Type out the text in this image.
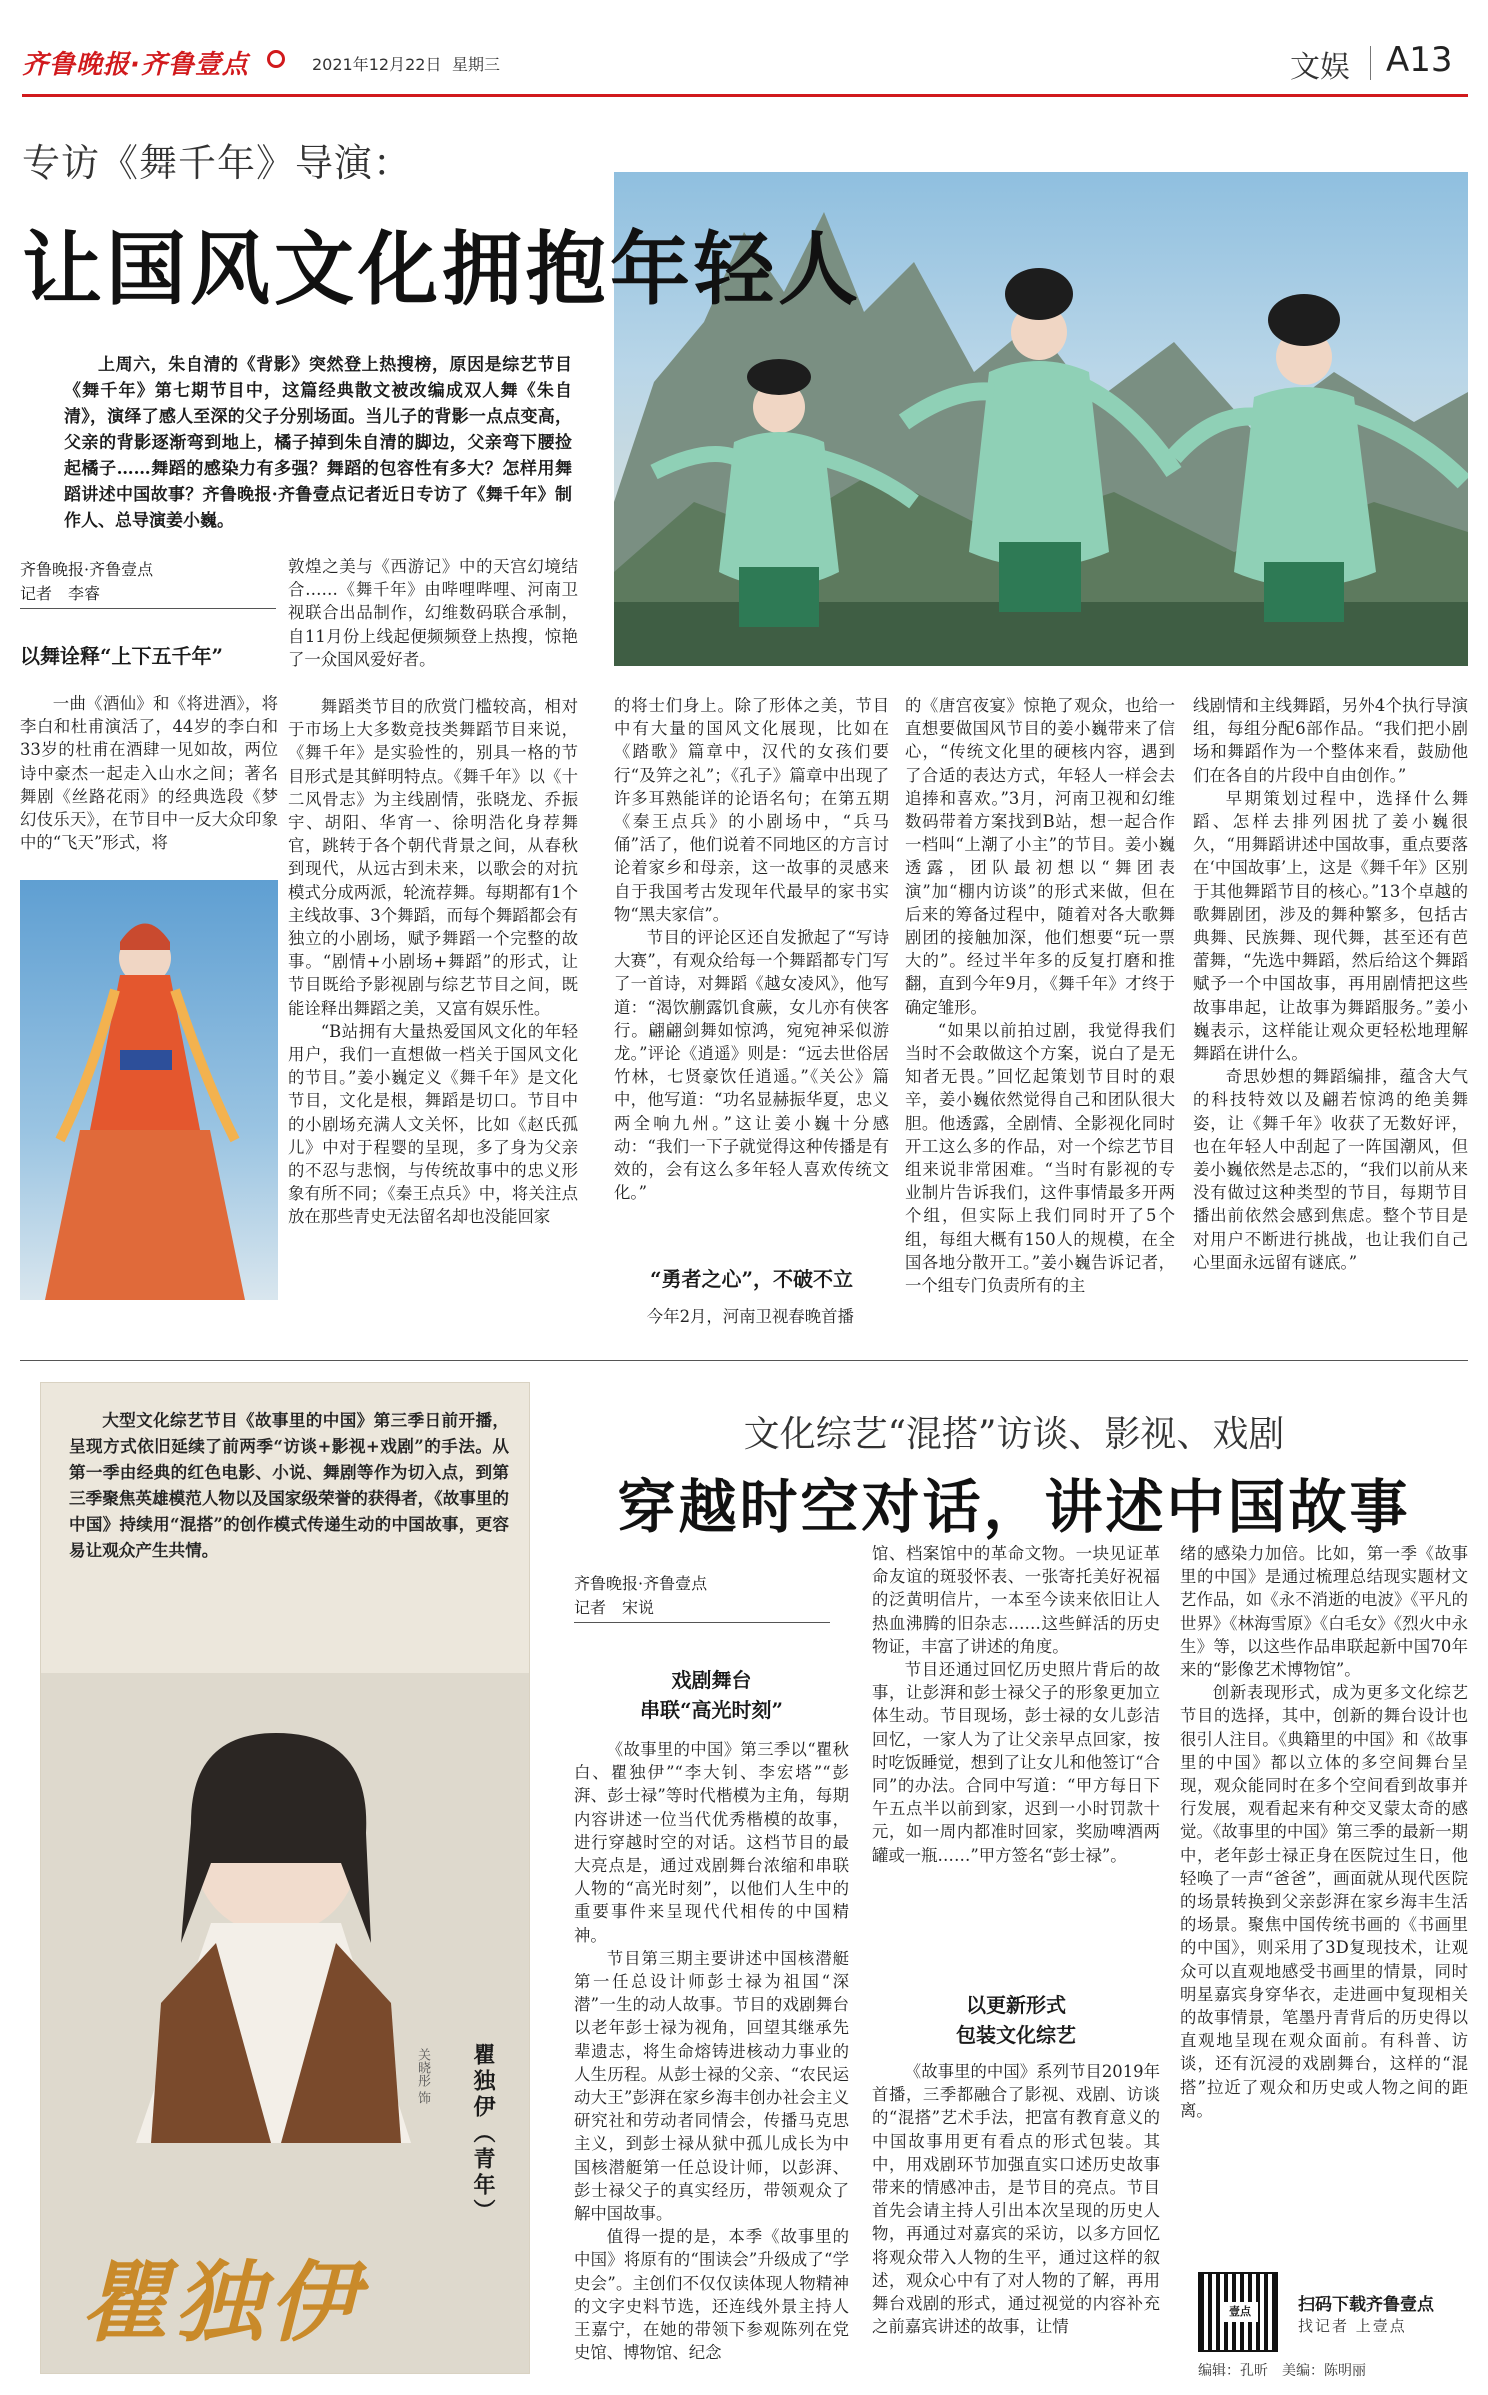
齐鲁晚报·齐鲁壹点	2021年12月22日 星期三	文娱 A13
专访《舞千年》导演：
让国风文化拥抱年轻人
上周六，朱自清的《背影》突然登上热搜榜，原因是综艺节目《舞千年》第七期节目中，这篇经典散文被改编成双人舞《朱自清》，演绎了感人至深的父子分别场面。当儿子的背影一点点变高，父亲的背影逐渐弯到地上，橘子掉到朱自清的脚边，父亲弯下腰捡起橘子……舞蹈的感染力有多强？舞蹈的包容性有多大？怎样用舞蹈讲述中国故事？齐鲁晚报·齐鲁壹点记者近日专访了《舞千年》制作人、总导演姜小巍。
齐鲁晚报·齐鲁壹点
记者　李睿
以舞诠释“上下五千年”

一曲《酒仙》和《将进酒》，将李白和杜甫演活了，44岁的李白和33岁的杜甫在酒肆一见如故，两位诗中豪杰一起走入山水之间；著名舞剧《丝路花雨》的经典选段《梦幻伎乐天》，在节目中一反大众印象中的“飞天”形式，将

敦煌之美与《西游记》中的天宫幻境结合……《舞千年》由哔哩哔哩、河南卫视联合出品制作，幻维数码联合承制，自11月份上线起便频频登上热搜，惊艳了一众国风爱好者。

舞蹈类节目的欣赏门槛较高，相对于市场上大多数竞技类舞蹈节目来说，《舞千年》是实验性的，别具一格的节目形式是其鲜明特点。《舞千年》以《十二风骨志》为主线剧情，张晓龙、乔振宇、胡阳、华宵一、徐明浩化身荐舞官，跳转于各个朝代背景之间，从春秋到现代，从远古到未来，以歌会的对抗模式分成两派，轮流荐舞。每期都有1个主线故事、3个舞蹈，而每个舞蹈都会有独立的小剧场，赋予舞蹈一个完整的故事。“剧情+小剧场+舞蹈”的形式，让节目既给予影视剧与综艺节目之间，既能诠释出舞蹈之美，又富有娱乐性。

“B站拥有大量热爱国风文化的年轻用户，我们一直想做一档关于国风文化的节目。”姜小巍定义《舞千年》是文化节目，文化是根，舞蹈是切口。节目中的小剧场充满人文关怀，比如《赵氏孤儿》中对于程婴的呈现，多了身为父亲的不忍与悲悯，与传统故事中的忠义形象有所不同；《秦王点兵》中，将关注点放在那些青史无法留名却也没能回家

的将士们身上。除了形体之美，节目中有大量的国风文化展现，比如在《踏歌》篇章中，汉代的女孩们要行“及笄之礼”；《孔子》篇章中出现了许多耳熟能详的论语名句；在第五期《秦王点兵》的小剧场中，“兵马俑”活了，他们说着不同地区的方言讨论着家乡和母亲，这一故事的灵感来自于我国考古发现年代最早的家书实物“黑夫家信”。

节目的评论区还自发掀起了“写诗大赛”，有观众给每一个舞蹈都专门写了一首诗，对舞蹈《越女凌风》，他写道：“渴饮蒯露饥食蕨，女儿亦有侠客行。翩翩剑舞如惊鸿，宛宛神采似游龙。”评论《逍遥》则是：“远去世俗居竹林，七贤豪饮任逍遥。”《关公》篇中，他写道：“功名显赫振华夏，忠义两全响九州。”这让姜小巍十分感动：“我们一下子就觉得这种传播是有效的，会有这么多年轻人喜欢传统文化。”

“勇者之心”，不破不立

今年2月，河南卫视春晚首播

的《唐宫夜宴》惊艳了观众，也给一直想要做国风节目的姜小巍带来了信心，“传统文化里的硬核内容，遇到了合适的表达方式，年轻人一样会去追捧和喜欢。”3月，河南卫视和幻维数码带着方案找到B站，想一起合作一档叫“上潮了小主”的节目。姜小巍透露，团队最初想以“舞团表演”加“棚内访谈”的形式来做，但在后来的筹备过程中，随着对各大歌舞剧团的接触加深，他们想要“玩一票大的”。经过半年多的反复打磨和推翻，直到今年9月，《舞千年》才终于确定雏形。

“如果以前拍过剧，我觉得我们当时不会敢做这个方案，说白了是无知者无畏。”回忆起策划节目时的艰辛，姜小巍依然觉得自己和团队很大胆。他透露，全剧情、全影视化同时开工这么多的作品，对一个综艺节目组来说非常困难。“当时有影视的专业制片告诉我们，这件事情最多开两个组，但实际上我们同时开了5个组，每组大概有150人的规模，在全国各地分散开工。”姜小巍告诉记者，一个组专门负责所有的主

线剧情和主线舞蹈，另外4个执行导演组，每组分配6部作品。“我们把小剧场和舞蹈作为一个整体来看，鼓励他们在各自的片段中自由创作。”

早期策划过程中，选择什么舞蹈、怎样去排列困扰了姜小巍很久，“用舞蹈讲述中国故事，重点要落在‘中国故事’上，这是《舞千年》区别于其他舞蹈节目的核心。”13个卓越的歌舞剧团，涉及的舞种繁多，包括古典舞、民族舞、现代舞，甚至还有芭蕾舞，“先选中舞蹈，然后给这个舞蹈赋予一个中国故事，再用剧情把这些故事串起，让故事为舞蹈服务。”姜小巍表示，这样能让观众更轻松地理解舞蹈在讲什么。

奇思妙想的舞蹈编排，蕴含大气的科技特效以及翩若惊鸿的绝美舞姿，让《舞千年》收获了无数好评，也在年轻人中刮起了一阵国潮风，但姜小巍依然是忐忑的，“我们以前从来没有做过这种类型的节目，每期节目播出前依然会感到焦虑。整个节目是对用户不断进行挑战，也让我们自己心里面永远留有谜底。”

大型文化综艺节目《故事里的中国》第三季日前开播，呈现方式依旧延续了前两季“访谈+影视+戏剧”的手法。从第一季由经典的红色电影、小说、舞剧等作为切入点，到第三季聚焦英雄模范人物以及国家级荣誉的获得者，《故事里的中国》持续用“混搭”的创作模式传递生动的中国故事，更容易让观众产生共情。
瞿独伊（青年）
关晓彤 饰
瞿独伊
文化综艺“混搭”访谈、影视、戏剧
穿越时空对话，讲述中国故事
齐鲁晚报·齐鲁壹点
记者　宋说
戏剧舞台
串联“高光时刻”

《故事里的中国》第三季以“瞿秋白、瞿独伊”“李大钊、李宏塔”“彭湃、彭士禄”等时代楷模为主角，每期内容讲述一位当代优秀楷模的故事，进行穿越时空的对话。这档节目的最大亮点是，通过戏剧舞台浓缩和串联人物的“高光时刻”，以他们人生中的重要事件来呈现代代相传的中国精神。

节目第三期主要讲述中国核潜艇第一任总设计师彭士禄为祖国“深潜”一生的动人故事。节目的戏剧舞台以老年彭士禄为视角，回望其继承先辈遗志，将生命熔铸进核动力事业的人生历程。从彭士禄的父亲、“农民运动大王”彭湃在家乡海丰创办社会主义研究社和劳动者同情会，传播马克思主义，到彭士禄从狱中孤儿成长为中国核潜艇第一任总设计师，以彭湃、彭士禄父子的真实经历，带领观众了解中国故事。

值得一提的是，本季《故事里的中国》将原有的“围读会”升级成了“学史会”。主创们不仅仅读体现人物精神的文字史料节选，还连线外景主持人王嘉宁，在她的带领下参观陈列在党史馆、博物馆、纪念

馆、档案馆中的革命文物。一块见证革命友谊的斑驳怀表、一张寄托美好祝福的泛黄明信片，一本至今读来依旧让人热血沸腾的旧杂志……这些鲜活的历史物证，丰富了讲述的角度。

节目还通过回忆历史照片背后的故事，让彭湃和彭士禄父子的形象更加立体生动。节目现场，彭士禄的女儿彭洁回忆，一家人为了让父亲早点回家，按时吃饭睡觉，想到了让女儿和他签订“合同”的办法。合同中写道：“甲方每日下午五点半以前到家，迟到一小时罚款十元，如一周内都准时回家，奖励啤酒两罐或一瓶……”甲方签名“彭士禄”。

以更新形式
包装文化综艺

《故事里的中国》系列节目2019年首播，三季都融合了影视、戏剧、访谈的“混搭”艺术手法，把富有教育意义的中国故事用更有看点的形式包装。其中，用戏剧环节加强直实口述历史故事带来的情感冲击，是节目的亮点。节目首先会请主持人引出本次呈现的历史人物，再通过对嘉宾的采访，以多方回忆将观众带入人物的生平，通过这样的叙述，观众心中有了对人物的了解，再用舞台戏剧的形式，通过视觉的内容补充之前嘉宾讲述的故事，让情

绪的感染力加倍。比如，第一季《故事里的中国》是通过梳理总结现实题材文艺作品，如《永不消逝的电波》《平凡的世界》《林海雪原》《白毛女》《烈火中永生》等，以这些作品串联起新中国70年来的“影像艺术博物馆”。

创新表现形式，成为更多文化综艺节目的选择，其中，创新的舞台设计也很引人注目。《典籍里的中国》和《故事里的中国》都以立体的多空间舞台呈现，观众能同时在多个空间看到故事并行发展，观看起来有种交叉蒙太奇的感觉。《故事里的中国》第三季的最新一期中，老年彭士禄正身在医院过生日，他轻唤了一声“爸爸”，画面就从现代医院的场景转换到父亲彭湃在家乡海丰生活的场景。聚焦中国传统书画的《书画里的中国》，则采用了3D复现技术，让观众可以直观地感受书画里的情景，同时明星嘉宾身穿华衣，走进画中复现相关的故事情景，笔墨丹青背后的历史得以直观地呈现在观众面前。有科普、访谈，还有沉浸的戏剧舞台，这样的“混搭”拉近了观众和历史或人物之间的距离。

壹点	扫码下载齐鲁壹点
找记者 上壹点
编辑：孔昕　美编：陈明丽
